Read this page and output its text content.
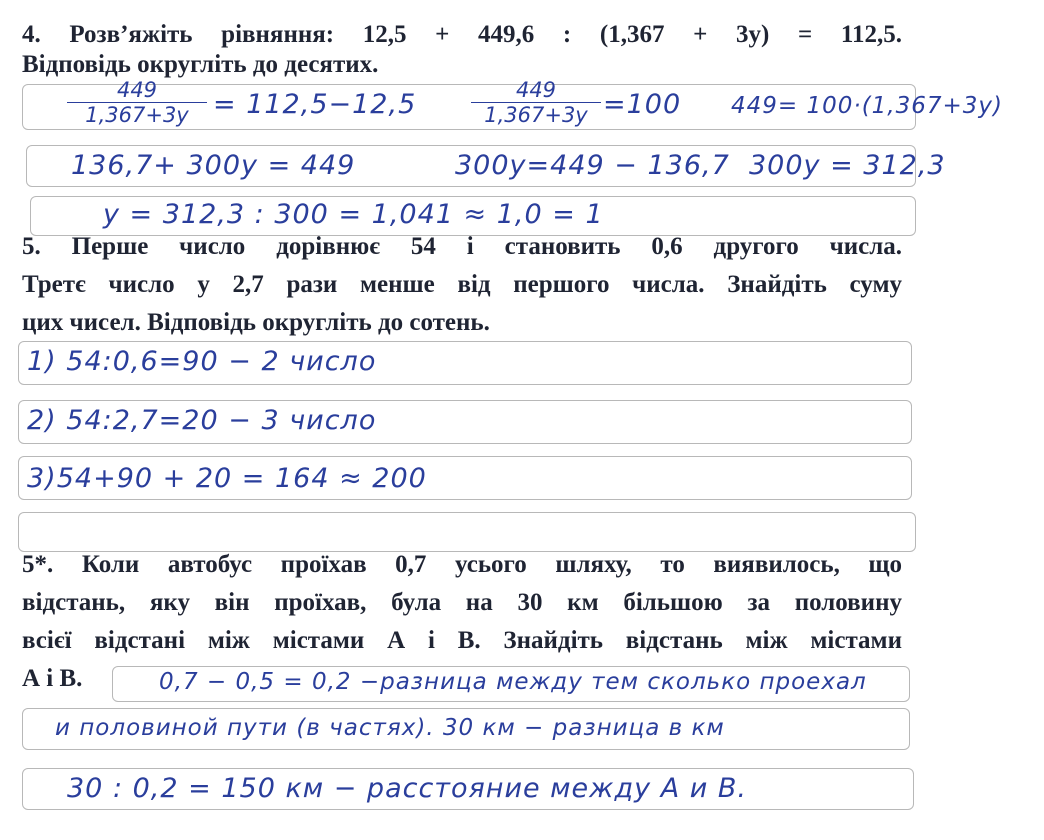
4. Розв’яжіть рівняння: 12,5 + 449,6 : (1,367 + 3y) = 112,5.
Відповідь округліть до десятих.
449
1,367+3y = 112,5−12,5	449
1,367+3y =100 449= 100·(1,367+3y)
136,7+ 300y = 449	300y=449 − 136,7 300y = 312,3
y = 312,3 : 300 = 1,041 ≈ 1,0 = 1
5. Перше число дорівнює 54 і становить 0,6 другого числа.
Третє число у 2,7 рази менше від першого числа. Знайдіть суму
цих чисел. Відповідь округліть до сотень.
1) 54:0,6=90 − 2 число
2) 54:2,7=20 − 3 число
3)54+90 + 20 = 164 ≈ 200
5*. Коли автобус проїхав 0,7 усього шляху, то виявилось, що
відстань, яку він проїхав, була на 30 км більшою за половину
всієї відстані між містами А і В. Знайдіть відстань між містами
А і В.	0,7 − 0,5 = 0,2 −разница между тем сколько проехал
и половиной пути (в частях). 30 км − разница в км
30 : 0,2 = 150 км − расстояние между А и В.
